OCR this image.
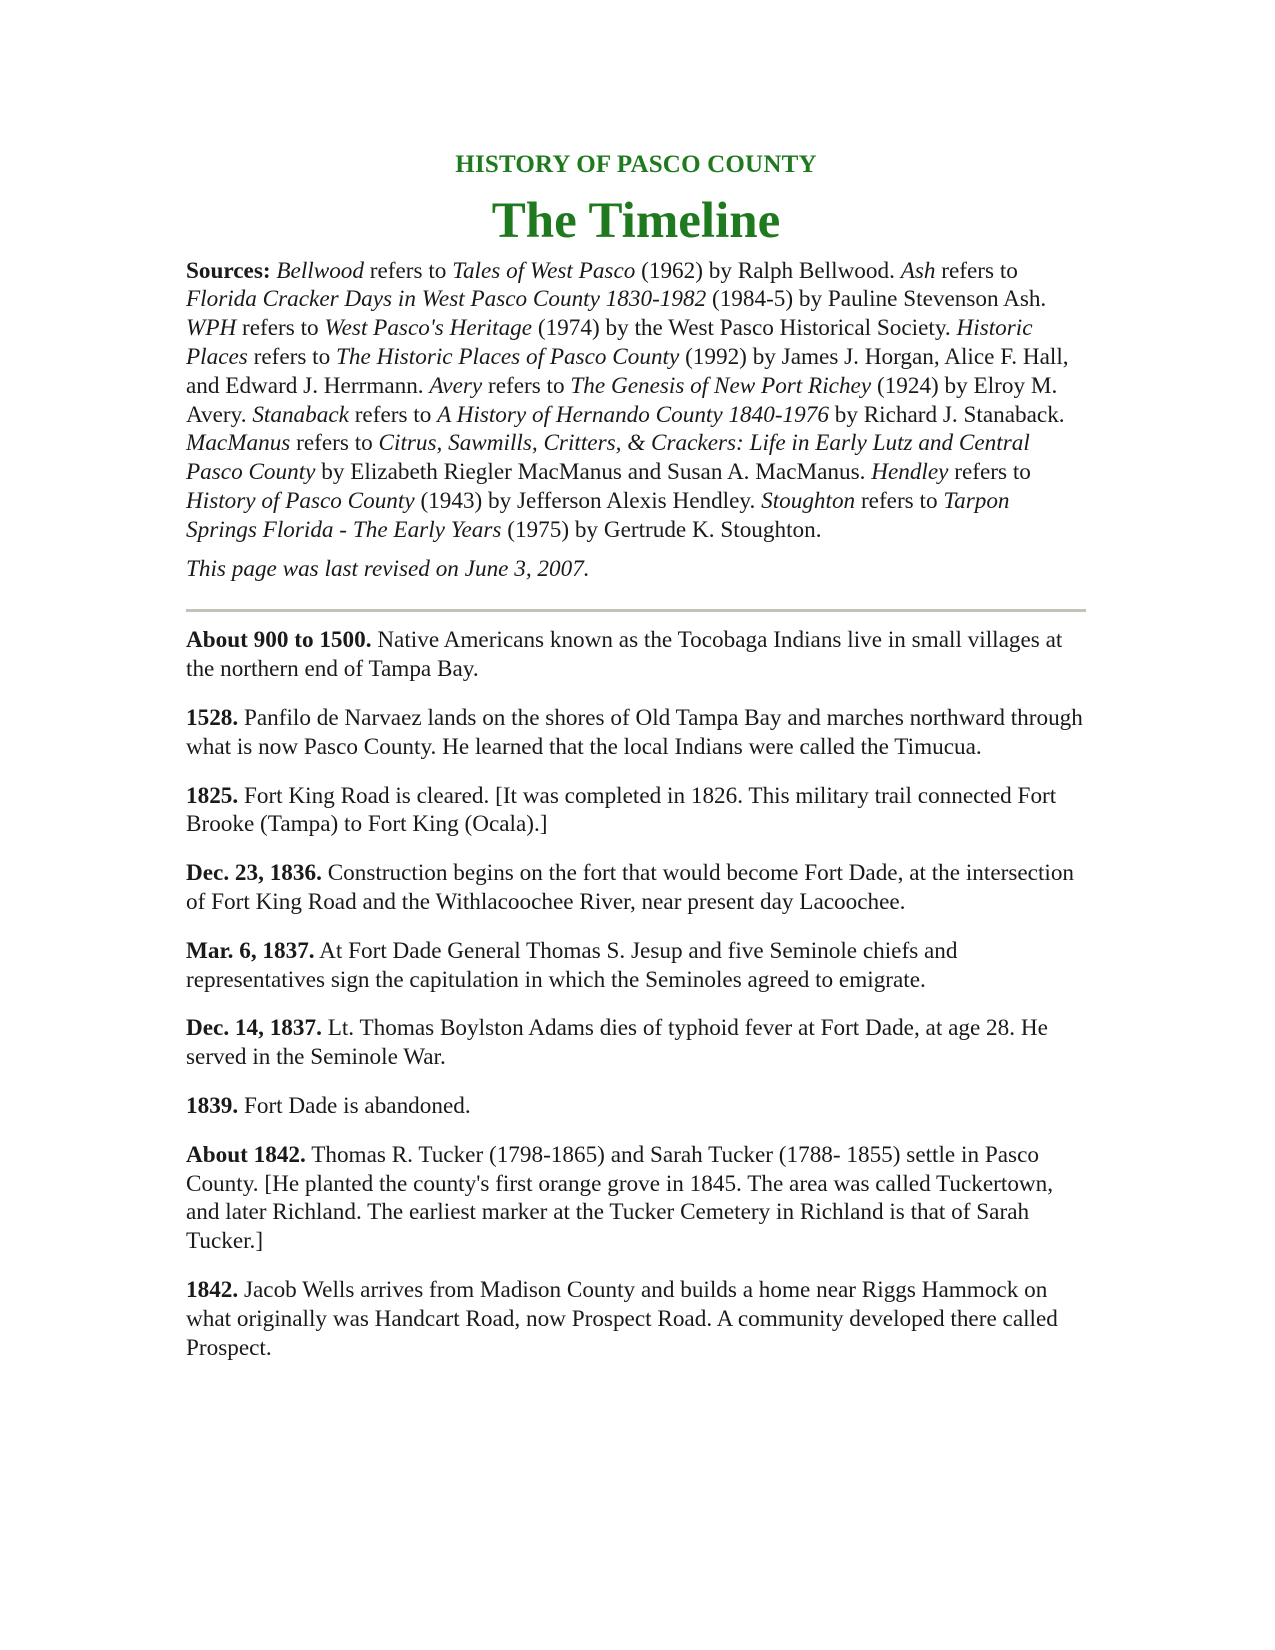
HISTORY OF PASCO COUNTY

The Timeline

Sources: Bellwood refers to Tales of West Pasco (1962) by Ralph Bellwood. Ash refers to Florida Cracker Days in West Pasco County 1830-1982 (1984-5) by Pauline Stevenson Ash. WPH refers to West Pasco's Heritage (1974) by the West Pasco Historical Society. Historic Places refers to The Historic Places of Pasco County (1992) by James J. Horgan, Alice F. Hall, and Edward J. Herrmann. Avery refers to The Genesis of New Port Richey (1924) by Elroy M. Avery. Stanaback refers to A History of Hernando County 1840-1976 by Richard J. Stanaback. MacManus refers to Citrus, Sawmills, Critters, & Crackers: Life in Early Lutz and Central Pasco County by Elizabeth Riegler MacManus and Susan A. MacManus. Hendley refers to History of Pasco County (1943) by Jefferson Alexis Hendley. Stoughton refers to Tarpon Springs Florida - The Early Years (1975) by Gertrude K. Stoughton.

This page was last revised on June 3, 2007.

About 900 to 1500. Native Americans known as the Tocobaga Indians live in small villages at the northern end of Tampa Bay.

1528. Panfilo de Narvaez lands on the shores of Old Tampa Bay and marches northward through what is now Pasco County. He learned that the local Indians were called the Timucua.

1825. Fort King Road is cleared. [It was completed in 1826. This military trail connected Fort Brooke (Tampa) to Fort King (Ocala).]

Dec. 23, 1836. Construction begins on the fort that would become Fort Dade, at the intersection of Fort King Road and the Withlacoochee River, near present day Lacoochee.

Mar. 6, 1837. At Fort Dade General Thomas S. Jesup and five Seminole chiefs and representatives sign the capitulation in which the Seminoles agreed to emigrate.

Dec. 14, 1837. Lt. Thomas Boylston Adams dies of typhoid fever at Fort Dade, at age 28. He served in the Seminole War.

1839. Fort Dade is abandoned.

About 1842. Thomas R. Tucker (1798-1865) and Sarah Tucker (1788- 1855) settle in Pasco County. [He planted the county's first orange grove in 1845. The area was called Tuckertown, and later Richland. The earliest marker at the Tucker Cemetery in Richland is that of Sarah Tucker.]

1842. Jacob Wells arrives from Madison County and builds a home near Riggs Hammock on what originally was Handcart Road, now Prospect Road. A community developed there called Prospect.
